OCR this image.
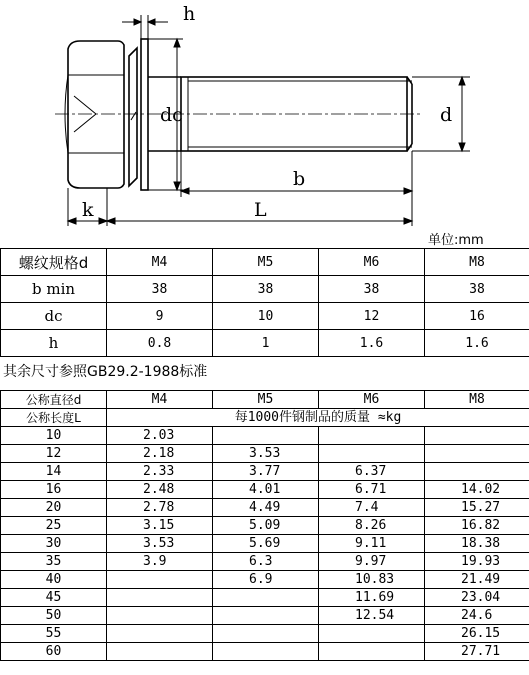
h
dc	d
b
L
k
单位:mm
螺纹规格d	M4	M5	M6	M8
b min	38	38	38	38
dc	9	10	12	16
h	0.8	1	1.6	1.6
其余尺寸参照GB29.2-1988标准
公称直径d	M4	M5	M6	M8
公称长度L	每1000件钢制品的质量 ≈kg			
10	2.03			
12	2.18	3.53		
14	2.33	3.77	6.37	
16	2.48	4.01	6.71	14.02
20	2.78	4.49	7.4	15.27
25	3.15	5.09	8.26	16.82
30	3.53	5.69	9.11	18.38
35	3.9	6.3	9.97	19.93
40		6.9	10.83	21.49
45			11.69	23.04
50			12.54	24.6
55				26.15
60				27.71
